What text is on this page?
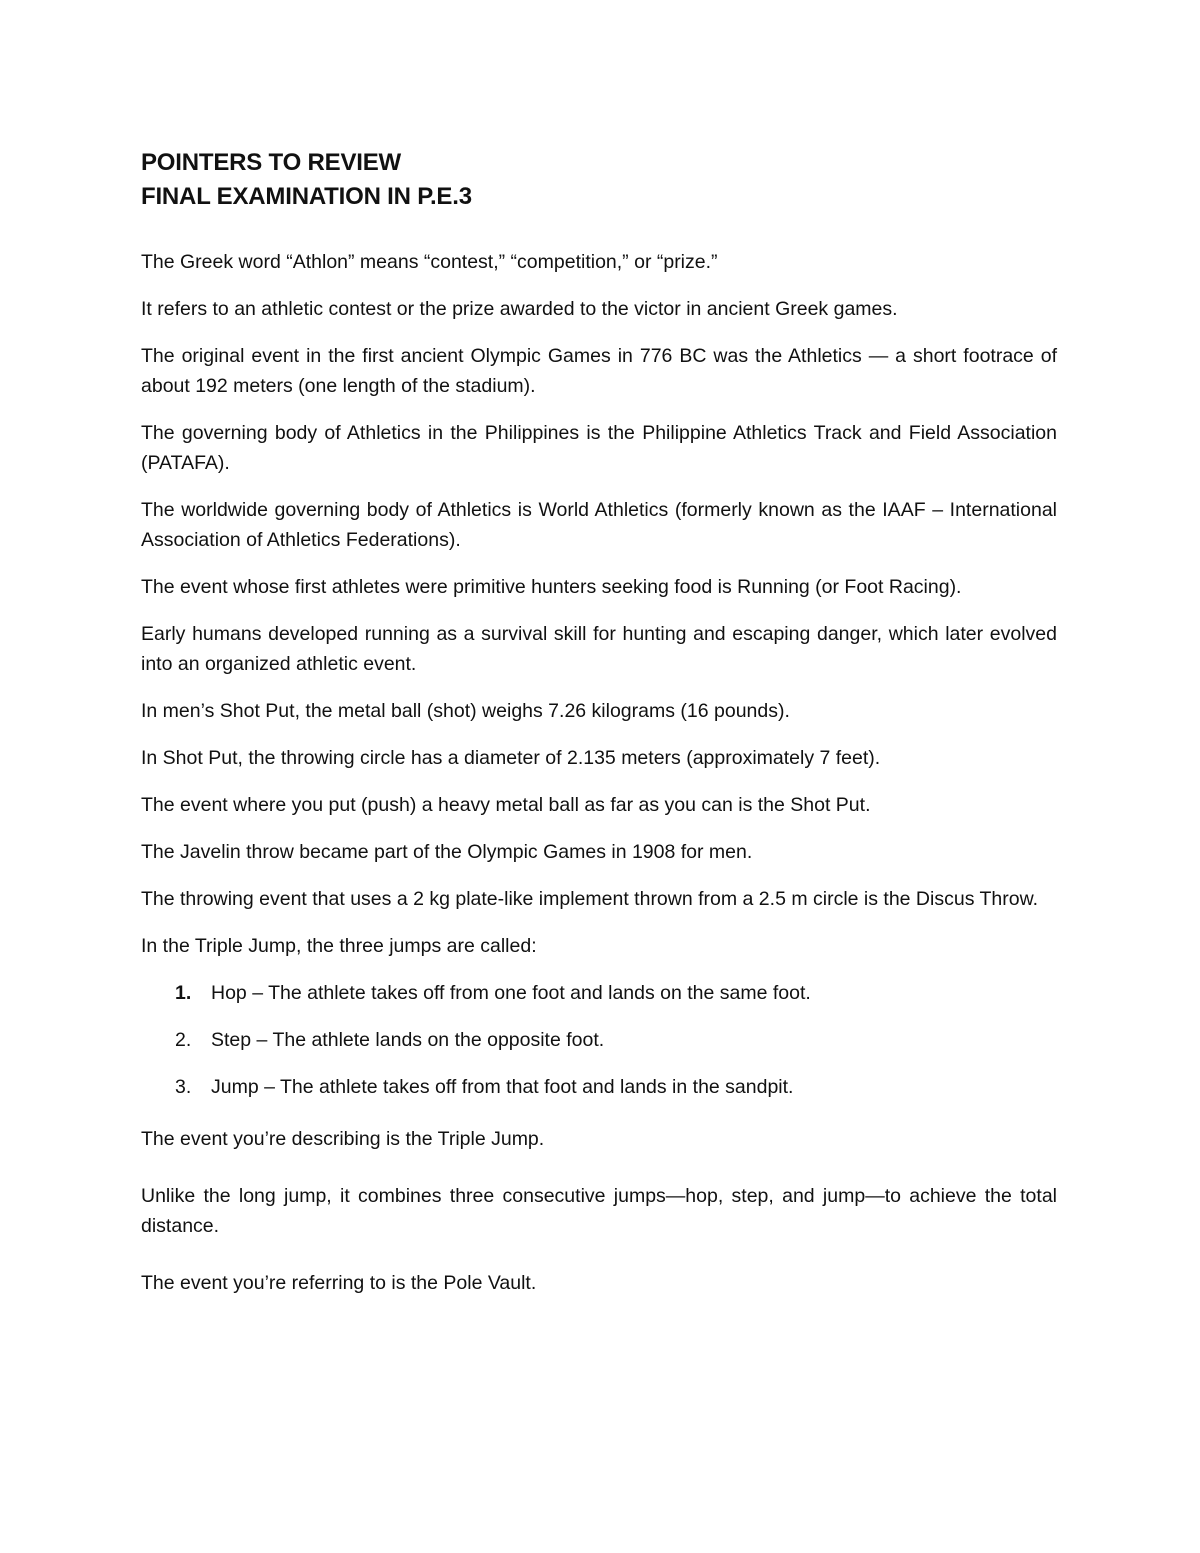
POINTERS TO REVIEW

FINAL EXAMINATION IN P.E.3

The Greek word “Athlon” means “contest,” “competition,” or “prize.”

It refers to an athletic contest or the prize awarded to the victor in ancient Greek games.

The original event in the first ancient Olympic Games in 776 BC was the Athletics — a short footrace of about 192 meters (one length of the stadium).

The governing body of Athletics in the Philippines is the Philippine Athletics Track and Field Association (PATAFA).

The worldwide governing body of Athletics is World Athletics (formerly known as the IAAF – International Association of Athletics Federations).

The event whose first athletes were primitive hunters seeking food is Running (or Foot Racing).

Early humans developed running as a survival skill for hunting and escaping danger, which later evolved into an organized athletic event.

In men’s Shot Put, the metal ball (shot) weighs 7.26 kilograms (16 pounds).

In Shot Put, the throwing circle has a diameter of 2.135 meters (approximately 7 feet).

The event where you put (push) a heavy metal ball as far as you can is the Shot Put.

The Javelin throw became part of the Olympic Games in 1908 for men.

The throwing event that uses a 2 kg plate-like implement thrown from a 2.5 m circle is the Discus Throw.

In the Triple Jump, the three jumps are called:

1.	Hop – The athlete takes off from one foot and lands on the same foot.
2.	Step – The athlete lands on the opposite foot.
3.	Jump – The athlete takes off from that foot and lands in the sandpit.

The event you’re describing is the Triple Jump.

Unlike the long jump, it combines three consecutive jumps—hop, step, and jump—to achieve the total distance.

The event you’re referring to is the Pole Vault.
